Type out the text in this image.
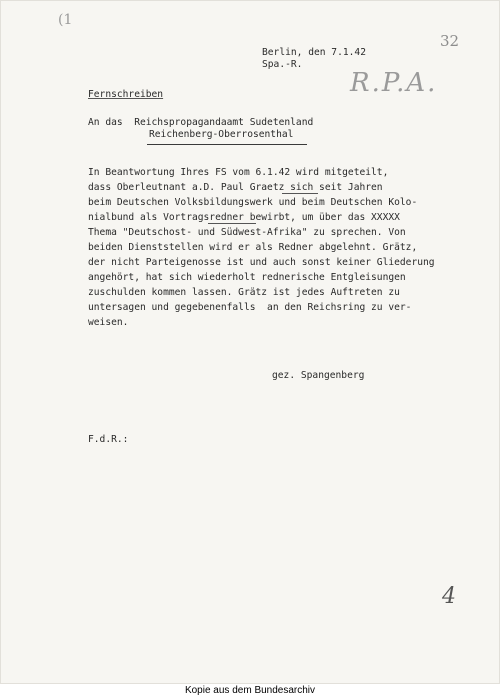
(1
32
R.P.A.
4
Berlin, den 7.1.42
Spa.-R.
Fernschreiben
An das  Reichspropagandaamt Sudetenland
Reichenberg-Oberrosenthal
In Beantwortung Ihres FS vom 6.1.42 wird mitgeteilt,
dass Oberleutnant a.D. Paul Graetz sich seit Jahren
beim Deutschen Volksbildungswerk und beim Deutschen Kolo-
nialbund als Vortragsredner bewirbt, um über das XXXXX
Thema "Deutschost- und Südwest-Afrika" zu sprechen. Von
beiden Dienststellen wird er als Redner abgelehnt. Grätz,
der nicht Parteigenosse ist und auch sonst keiner Gliederung
angehört, hat sich wiederholt rednerische Entgleisungen
zuschulden kommen lassen. Grätz ist jedes Auftreten zu
untersagen und gegebenenfalls  an den Reichsring zu ver-
weisen.
gez. Spangenberg
F.d.R.:
Kopie aus dem Bundesarchiv
